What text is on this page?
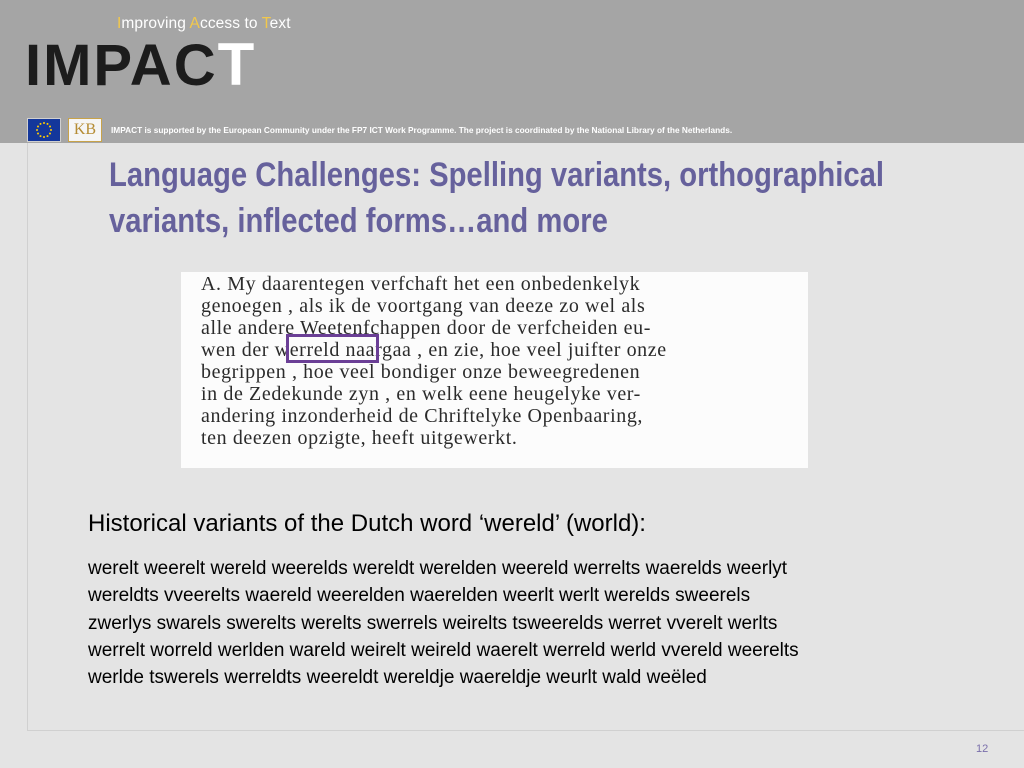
Improving Access to Text
IMPACT
KB	IMPACT is supported by the European Community under the FP7 ICT Work Programme. The project is coordinated by the National Library of the Netherlands.
Language Challenges: Spelling variants, orthographical
variants, inflected forms…and more
A. My daarentegen verfchaft het een onbedenkelyk
genoegen , als ik de voortgang van deeze zo wel als
alle andere Weetenfchappen door de verfcheiden eu-
wen der werreld naargaa , en zie, hoe veel juifter onze
begrippen , hoe veel bondiger onze beweegredenen
in de Zedekunde zyn , en welk eene heugelyke ver-
andering inzonderheid de Chriftelyke Openbaaring,
ten deezen opzigte, heeft uitgewerkt.
Historical variants of the Dutch word ‘wereld’ (world):
werelt weerelt wereld weerelds wereldt werelden weereld werrelts waerelds weerlyt
wereldts vveerelts waereld weerelden waerelden weerlt werlt werelds sweerels
zwerlys swarels swerelts werelts swerrels weirelts tsweerelds werret vverelt werlts
werrelt worreld werlden wareld weirelt weireld waerelt werreld werld vvereld weerelts
werlde tswerels werreldts weereldt wereldje waereldje weurlt wald weëled
12
